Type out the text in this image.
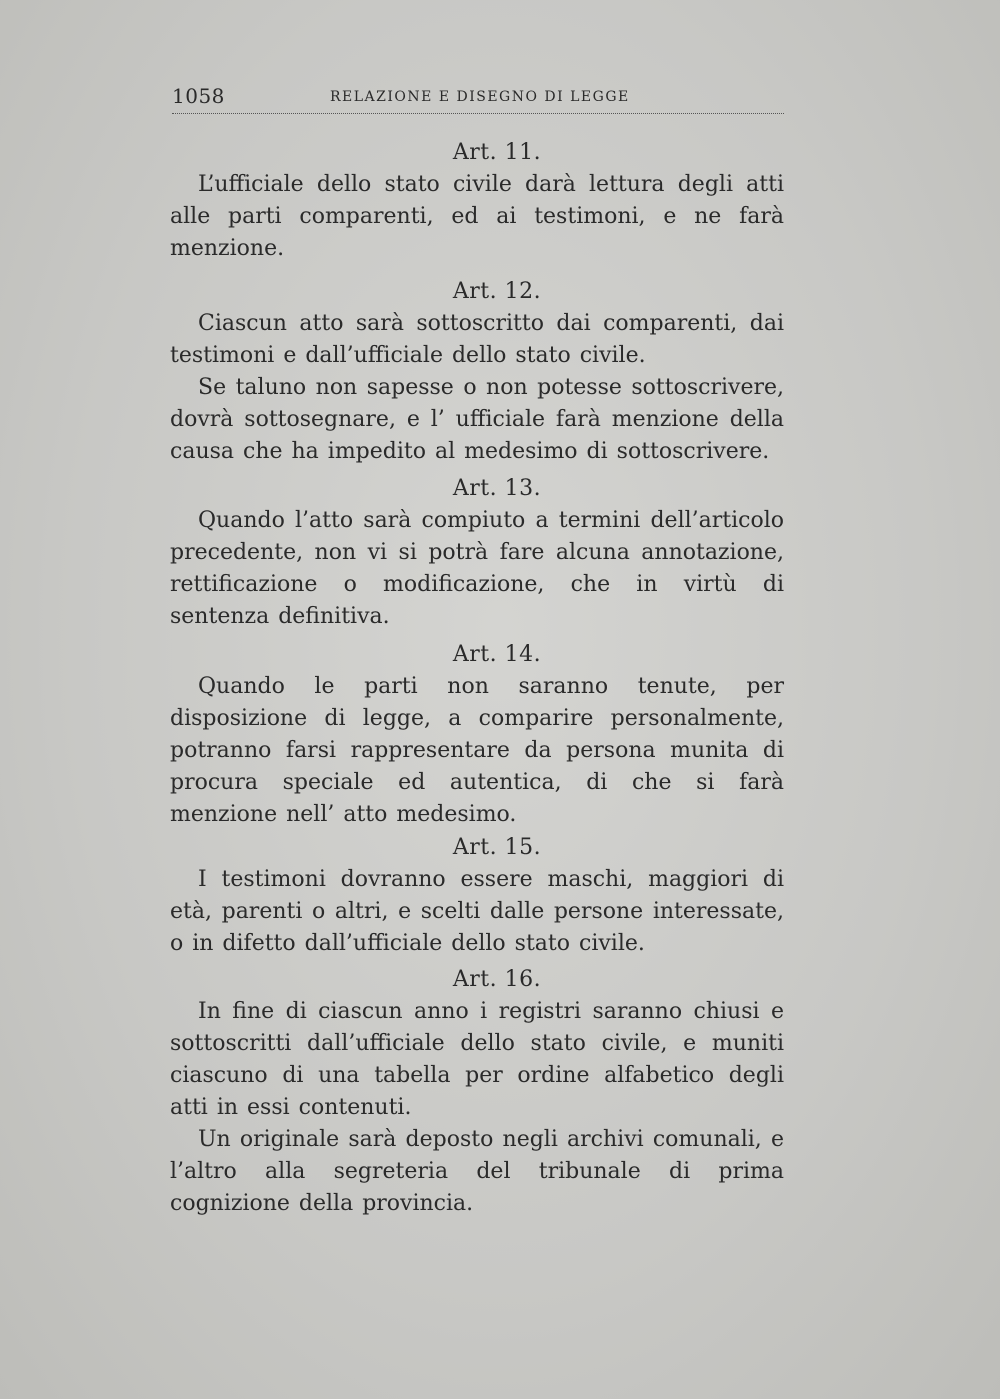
1058	RELAZIONE E DISEGNO DI LEGGE

Art. 11.

L’ufficiale dello stato civile darà lettura degli atti alle parti comparenti, ed ai testimoni, e ne farà menzione.

Art. 12.

Ciascun atto sarà sottoscritto dai comparenti, dai testimoni e dall’ufficiale dello stato civile.

Se taluno non sapesse o non potesse sottoscrivere, dovrà sottosegnare, e l’ ufficiale farà menzione della causa che ha impedito al medesimo di sottoscrivere.

Art. 13.

Quando l’atto sarà compiuto a termini dell’articolo precedente, non vi si potrà fare alcuna annotazione, rettificazione o modificazione, che in virtù di sentenza definitiva.

Art. 14.

Quando le parti non saranno tenute, per disposizione di legge, a comparire personalmente, potranno farsi rappresentare da persona munita di procura speciale ed autentica, di che si farà menzione nell’ atto medesimo.

Art. 15.

I testimoni dovranno essere maschi, maggiori di età, parenti o altri, e scelti dalle persone interessate, o in difetto dall’ufficiale dello stato civile.

Art. 16.

In fine di ciascun anno i registri saranno chiusi e sottoscritti dall’ufficiale dello stato civile, e muniti ciascuno di una tabella per ordine alfabetico degli atti in essi contenuti.

Un originale sarà deposto negli archivi comunali, e l’altro alla segreteria del tribunale di prima cognizione della provincia.
